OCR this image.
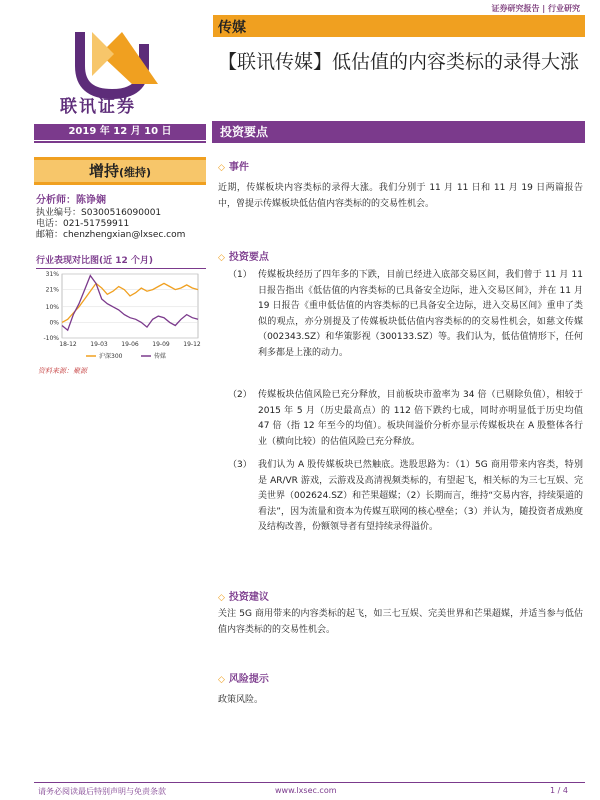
证券研究报告 | 行业研究
联讯证券
传媒
【联讯传媒】低估值的内容类标的录得大涨
2019 年 12 月 10 日	投资要点
增持(维持)
分析师：陈诤娴
执业编号：S0300516090001
电话：021-51759911
邮箱：chenzhengxian@lxsec.com
行业表现对比图(近 12 个月)
31%
21%
10%
0%
-10%
18-12 19-03 19-06 19-09 19-12
沪深300	传媒
资料来源：聚源
◇ 事件
近期，传媒板块内容类标的录得大涨。我们分别于 11 月 11 日和 11 月 19 日两篇报告中，曾提示传媒板块低估值内容类标的的交易性机会。
◇ 投资要点
（1） 传媒板块经历了四年多的下跌，目前已经进入底部交易区间，我们曾于 11 月 11 日报告指出《低估值的内容类标的已具备安全边际，进入交易区间》，并在 11 月 19 日报告《重申低估值的内容类标的已具备安全边际，进入交易区间》重申了类似的观点，亦分别提及了传媒板块低估值内容类标的的交易性机会，如慈文传媒（002343.SZ）和华策影视（300133.SZ）等。我们认为，低估值情形下，任何利多都是上涨的动力。
（2） 传媒板块估值风险已充分释放，目前板块市盈率为 34 倍（已剔除负值），相较于 2015 年 5 月（历史最高点）的 112 倍下跌约七成，同时亦明显低于历史均值 47 倍（指 12 年至今的均值）。板块间溢价分析亦显示传媒板块在 A 股整体各行业（横向比较）的估值风险已充分释放。
（3） 我们认为 A 股传媒板块已然触底。选股思路为：（1）5G 商用带来内容类，特别是 AR/VR 游戏，云游戏及高清视频类标的，有望起飞，相关标的为三七互娱、完美世界（002624.SZ）和芒果超媒；（2）长期而言，维持“交易内容，持续渠道的看法”，因为流量和资本为传媒互联网的核心壁垒；（3）并认为，随投资者成熟度及结构改善，份额领导者有望持续录得溢价。
◇ 投资建议
关注 5G 商用带来的内容类标的起飞，如三七互娱、完美世界和芒果超媒，并适当参与低估值内容类标的的交易性机会。
◇ 风险提示
政策风险。
请务必阅读最后特别声明与免责条款	www.lxsec.com	1 / 4
